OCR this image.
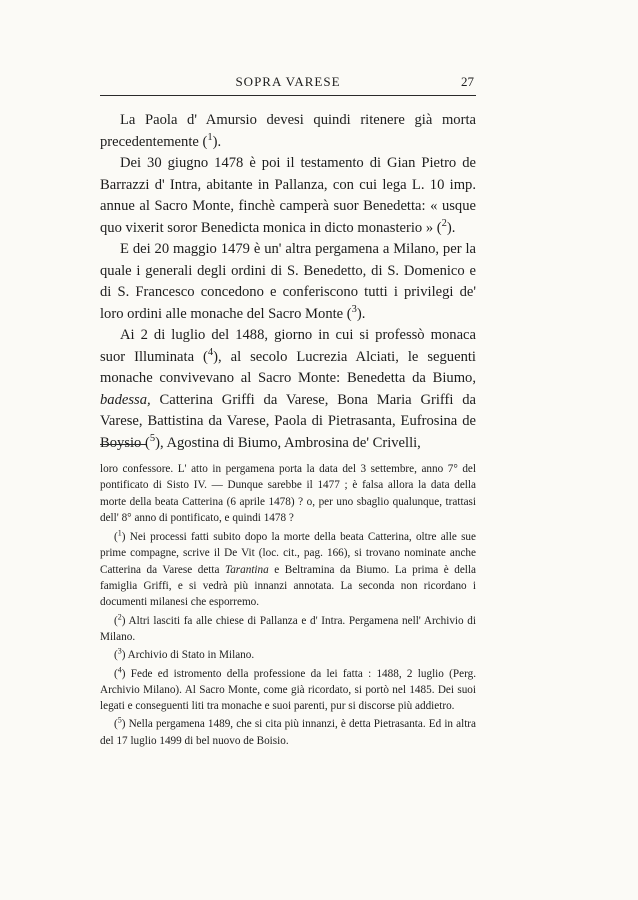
SOPRA VARESE	27

La Paola d' Amursio devesi quindi ritenere già morta precedentemente ($^1$).

Dei 30 giugno 1478 è poi il testamento di Gian Pietro de Barrazzi d' Intra, abitante in Pallanza, con cui lega L. 10 imp. annue al Sacro Monte, finchè camperà suor Benedetta: « usque quo vixerit soror Benedicta monica in dicto monasterio » ($^2$).

E dei 20 maggio 1479 è un' altra pergamena a Milano, per la quale i generali degli ordini di S. Benedetto, di S. Domenico e di S. Francesco concedono e conferiscono tutti i privilegi de' loro ordini alle monache del Sacro Monte ($^3$).

Ai 2 di luglio del 1488, giorno in cui si professò monaca suor Illuminata ($^4$), al secolo Lucrezia Alciati, le seguenti monache convivevano al Sacro Monte: Benedetta da Biumo, badessa, Catterina Griffi da Varese, Bona Maria Griffi da Varese, Battistina da Varese, Paola di Pietrasanta, Eufrosina de Boysio ($^5$), Agostina di Biumo, Ambrosina de' Crivelli,

loro confessore. L' atto in pergamena porta la data del 3 settembre, anno 7° del pontificato di Sisto IV. — Dunque sarebbe il 1477 ; è falsa allora la data della morte della beata Catterina (6 aprile 1478) ? o, per uno sbaglio qualunque, trattasi dell' 8° anno di pontificato, e quindi 1478 ?

($^1$) Nei processi fatti subito dopo la morte della beata Catterina, oltre alle sue prime compagne, scrive il De Vit (loc. cit., pag. 166), si trovano nominate anche Catterina da Varese detta Tarantina e Beltramina da Biumo. La prima è della famiglia Griffi, e si vedrà più innanzi annotata. La seconda non ricordano i documenti milanesi che esporremo.

($^2$) Altri lasciti fa alle chiese di Pallanza e d' Intra. Pergamena nell' Archivio di Milano.

($^3$) Archivio di Stato in Milano.

($^4$) Fede ed istromento della professione da lei fatta : 1488, 2 luglio (Perg. Archivio Milano). Al Sacro Monte, come già ricordato, si portò nel 1485. Dei suoi legati e conseguenti liti tra monache e suoi parenti, pur si discorse più addietro.

($^5$) Nella pergamena 1489, che si cita più innanzi, è detta Pietrasanta. Ed in altra del 17 luglio 1499 di bel nuovo de Boisio.
